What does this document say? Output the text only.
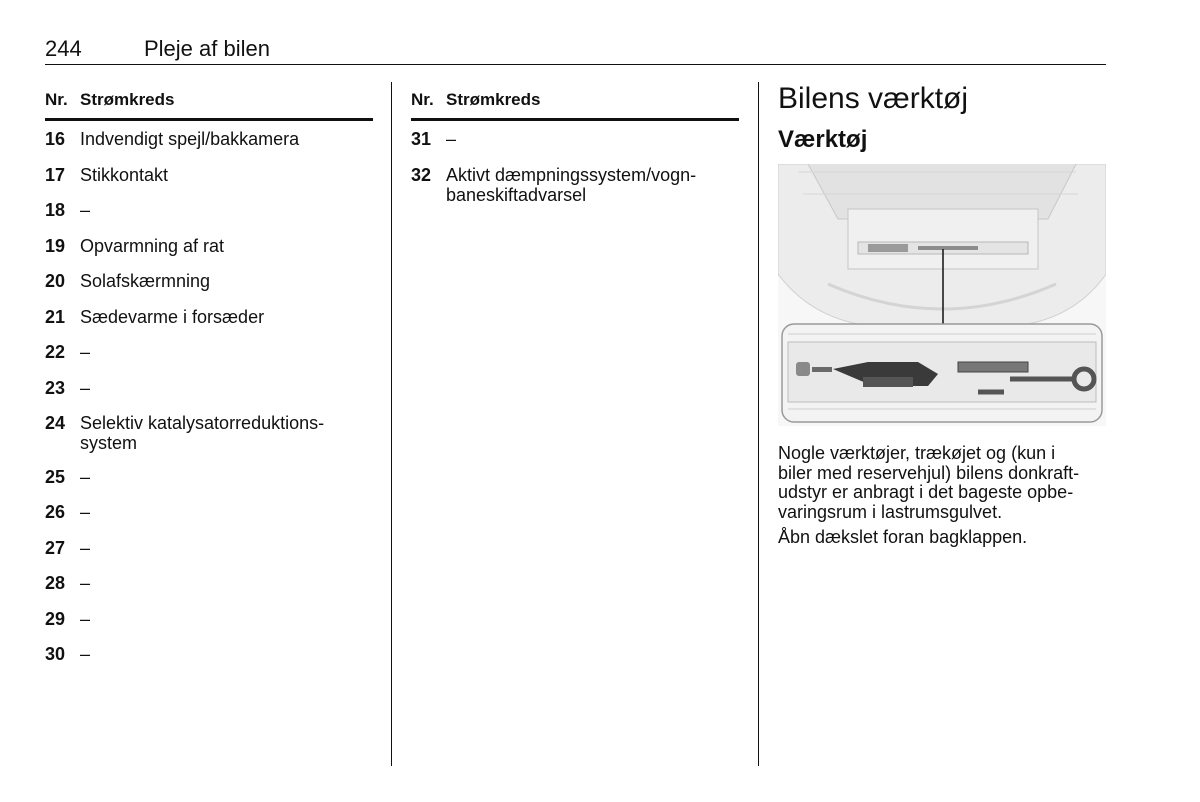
244	Pleje af bilen
Nr. Strømkreds
16 Indvendigt spejl/bakkamera
17 Stikkontakt
18 –
19 Opvarmning af rat
20 Solafskærmning
21 Sædevarme i forsæder
22 –
23 –
24 Selektiv katalysatorreduktions-
system
25 –
26 –
27 –
28 –
29 –
30 –
Nr. Strømkreds
31 –
32 Aktivt dæmpningssystem/vogn-
baneskiftadvarsel
Bilens værktøj
Værktøj

Nogle værktøjer, trækøjet og (kun i
biler med reservehjul) bilens donkraft-
udstyr er anbragt i det bageste opbe-
varingsrum i lastrumsgulvet.

Åbn dækslet foran bagklappen.
